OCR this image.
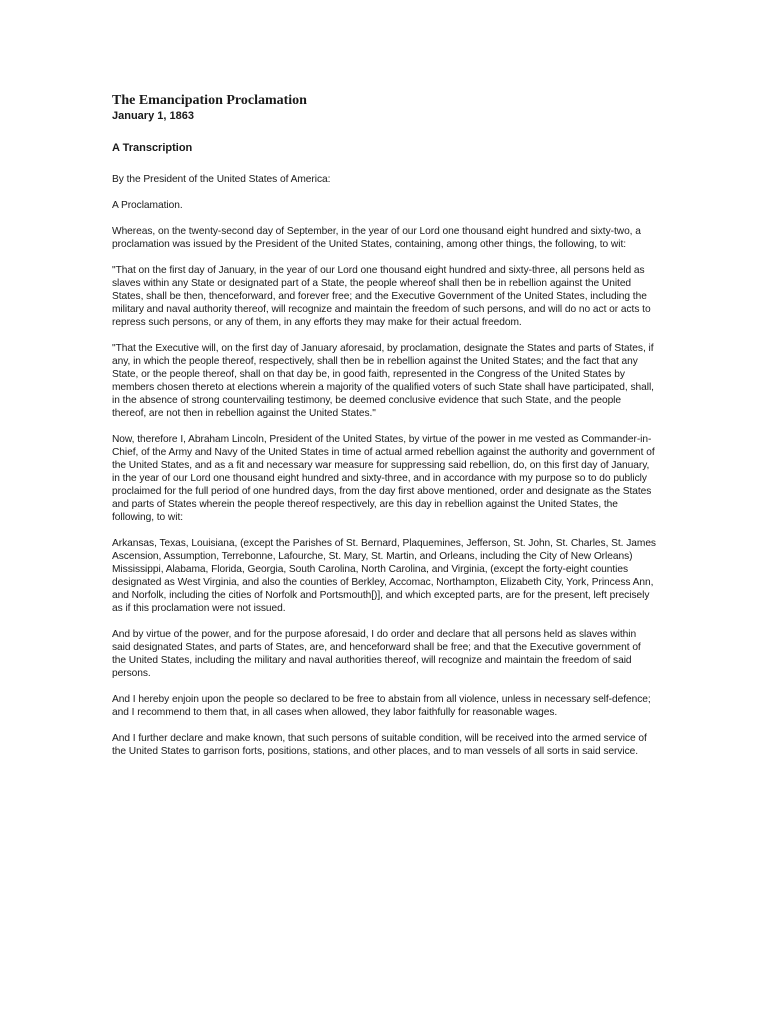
The Emancipation Proclamation

January 1, 1863

A Transcription

By the President of the United States of America:

A Proclamation.

Whereas, on the twenty-second day of September, in the year of our Lord one thousand eight hundred and sixty-two, a proclamation was issued by the President of the United States, containing, among other things, the following, to wit:

"That on the first day of January, in the year of our Lord one thousand eight hundred and sixty-three, all persons held as slaves within any State or designated part of a State, the people whereof shall then be in rebellion against the United States, shall be then, thenceforward, and forever free; and the Executive Government of the United States, including the military and naval authority thereof, will recognize and maintain the freedom of such persons, and will do no act or acts to repress such persons, or any of them, in any efforts they may make for their actual freedom.

"That the Executive will, on the first day of January aforesaid, by proclamation, designate the States and parts of States, if any, in which the people thereof, respectively, shall then be in rebellion against the United States; and the fact that any State, or the people thereof, shall on that day be, in good faith, represented in the Congress of the United States by members chosen thereto at elections wherein a majority of the qualified voters of such State shall have participated, shall, in the absence of strong countervailing testimony, be deemed conclusive evidence that such State, and the people thereof, are not then in rebellion against the United States."

Now, therefore I, Abraham Lincoln, President of the United States, by virtue of the power in me vested as Commander-in-Chief, of the Army and Navy of the United States in time of actual armed rebellion against the authority and government of the United States, and as a fit and necessary war measure for suppressing said rebellion, do, on this first day of January, in the year of our Lord one thousand eight hundred and sixty-three, and in accordance with my purpose so to do publicly proclaimed for the full period of one hundred days, from the day first above mentioned, order and designate as the States and parts of States wherein the people thereof respectively, are this day in rebellion against the United States, the following, to wit:

Arkansas, Texas, Louisiana, (except the Parishes of St. Bernard, Plaquemines, Jefferson, St. John, St. Charles, St. James Ascension, Assumption, Terrebonne, Lafourche, St. Mary, St. Martin, and Orleans, including the City of New Orleans) Mississippi, Alabama, Florida, Georgia, South Carolina, North Carolina, and Virginia, (except the forty-eight counties designated as West Virginia, and also the counties of Berkley, Accomac, Northampton, Elizabeth City, York, Princess Ann, and Norfolk, including the cities of Norfolk and Portsmouth[)], and which excepted parts, are for the present, left precisely as if this proclamation were not issued.

And by virtue of the power, and for the purpose aforesaid, I do order and declare that all persons held as slaves within said designated States, and parts of States, are, and henceforward shall be free; and that the Executive government of the United States, including the military and naval authorities thereof, will recognize and maintain the freedom of said persons.

And I hereby enjoin upon the people so declared to be free to abstain from all violence, unless in necessary self-defence; and I recommend to them that, in all cases when allowed, they labor faithfully for reasonable wages.

And I further declare and make known, that such persons of suitable condition, will be received into the armed service of the United States to garrison forts, positions, stations, and other places, and to man vessels of all sorts in said service.
